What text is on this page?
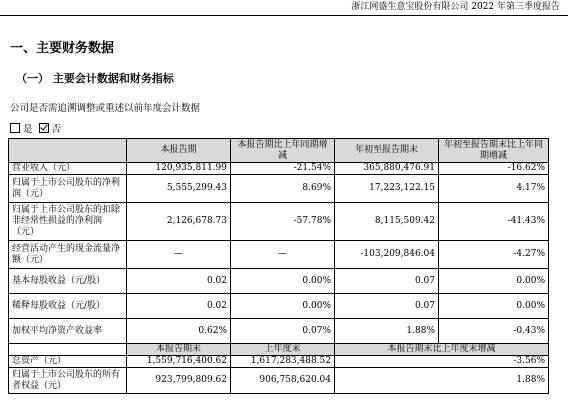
浙江网盛生意宝股份有限公司 2022 年第三季度报告
一、主要财务数据
（一） 主要会计数据和财务指标
公司是否需追溯调整或重述以前年度会计数据
是 否
	本报告期	本报告期比上年同期增减	年初至报告期末	年初至报告期末比上年同期增减
营业收入（元）	120,935,811.99	-21.54%	365,880,476.91	-16.62%
归属于上市公司股东的净利润（元）	5,555,299.43	8.69%	17,223,122.15	4.17%
归属于上市公司股东的扣除非经常性损益的净利润（元）	2,126,678.73	-57.78%	8,115,509.42	-41.43%
经营活动产生的现金流量净额（元）	—	—	-103,209,846.04	-4.27%
基本每股收益（元/股）	0.02	0.00%	0.07	0.00%
稀释每股收益（元/股）	0.02	0.00%	0.07	0.00%
加权平均净资产收益率	0.62%	0.07%	1.88%	-0.43%
	本报告期末	上年度末	本报告期末比上年度末增减	
总资产（元）	1,559,716,400.62	1,617,283,488.52	-3.56%	
归属于上市公司股东的所有者权益（元）	923,799,809.62	906,758,620.04	1.88%	
